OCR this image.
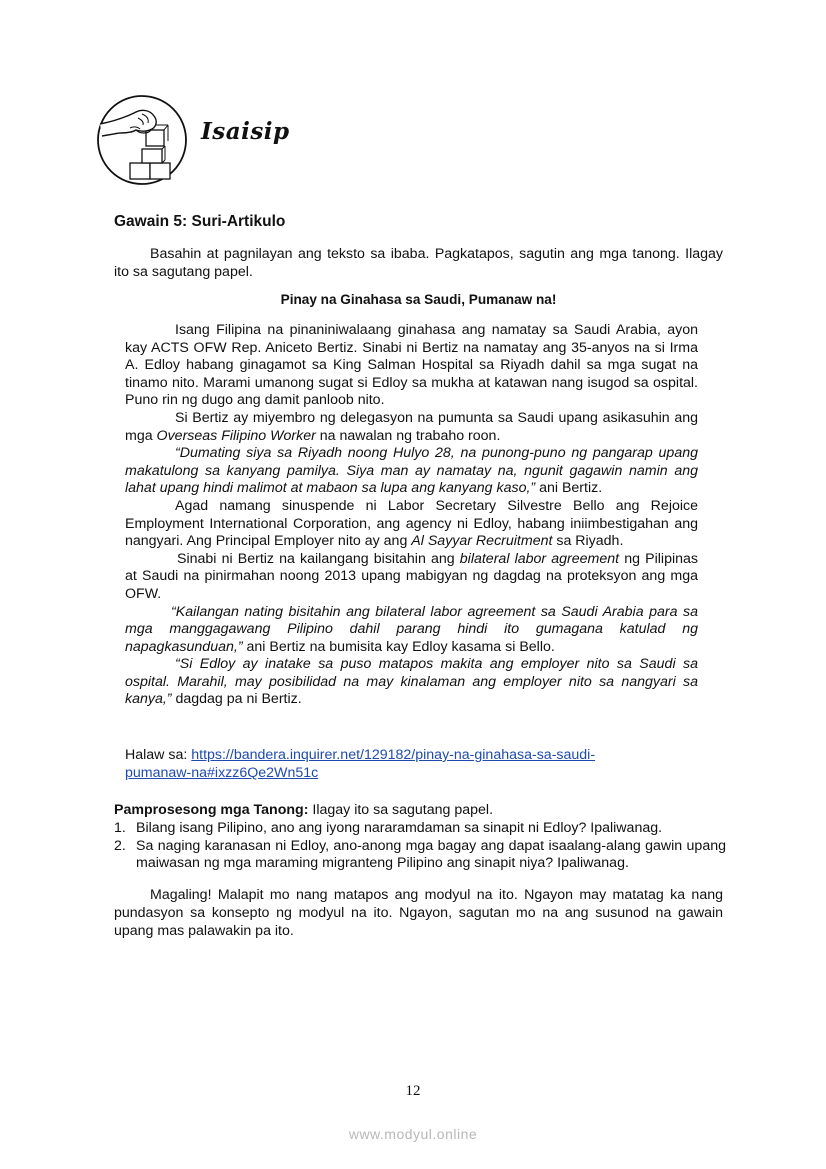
Isaisip
Gawain 5: Suri-Artikulo
Basahin at pagnilayan ang teksto sa ibaba. Pagkatapos, sagutin ang mga tanong. Ilagay ito sa sagutang papel.
Pinay na Ginahasa sa Saudi, Pumanaw na!

Isang Filipina na pinaniniwalaang ginahasa ang namatay sa Saudi Arabia, ayon kay ACTS OFW Rep. Aniceto Bertiz. Sinabi ni Bertiz na namatay ang 35-anyos na si Irma A. Edloy habang ginagamot sa King Salman Hospital sa Riyadh dahil sa mga sugat na tinamo nito. Marami umanong sugat si Edloy sa mukha at katawan nang isugod sa ospital. Puno rin ng dugo ang damit panloob nito.

Si Bertiz ay miyembro ng delegasyon na pumunta sa Saudi upang asikasuhin ang mga Overseas Filipino Worker na nawalan ng trabaho roon.

“Dumating siya sa Riyadh noong Hulyo 28, na punong-puno ng pangarap upang makatulong sa kanyang pamilya. Siya man ay namatay na, ngunit gagawin namin ang lahat upang hindi malimot at mabaon sa lupa ang kanyang kaso,” ani Bertiz.

Agad namang sinuspende ni Labor Secretary Silvestre Bello ang Rejoice Employment International Corporation, ang agency ni Edloy, habang iniimbestigahan ang nangyari. Ang Principal Employer nito ay ang Al Sayyar Recruitment sa Riyadh.

Sinabi ni Bertiz na kailangang bisitahin ang bilateral labor agreement ng Pilipinas at Saudi na pinirmahan noong 2013 upang mabigyan ng dagdag na proteksyon ang mga OFW.

“Kailangan nating bisitahin ang bilateral labor agreement sa Saudi Arabia para sa mga manggagawang Pilipino dahil parang hindi ito gumagana katulad ng napagkasunduan,” ani Bertiz na bumisita kay Edloy kasama si Bello.

“Si Edloy ay inatake sa puso matapos makita ang employer nito sa Saudi sa ospital. Marahil, may posibilidad na may kinalaman ang employer nito sa nangyari sa kanya,” dagdag pa ni Bertiz.

Halaw sa: https://bandera.inquirer.net/129182/pinay-na-ginahasa-sa-saudi-
pumanaw-na#ixzz6Qe2Wn51c
Pamprosesong mga Tanong: Ilagay ito sa sagutang papel.
1. Bilang isang Pilipino, ano ang iyong nararamdaman sa sinapit ni Edloy? Ipaliwanag.
2. Sa naging karanasan ni Edloy, ano-anong mga bagay ang dapat isaalang-alang gawin upang maiwasan ng mga maraming migranteng Pilipino ang sinapit niya? Ipaliwanag.
Magaling! Malapit mo nang matapos ang modyul na ito. Ngayon may matatag ka nang pundasyon sa konsepto ng modyul na ito. Ngayon, sagutan mo na ang susunod na gawain upang mas palawakin pa ito.
12
www.modyul.online
